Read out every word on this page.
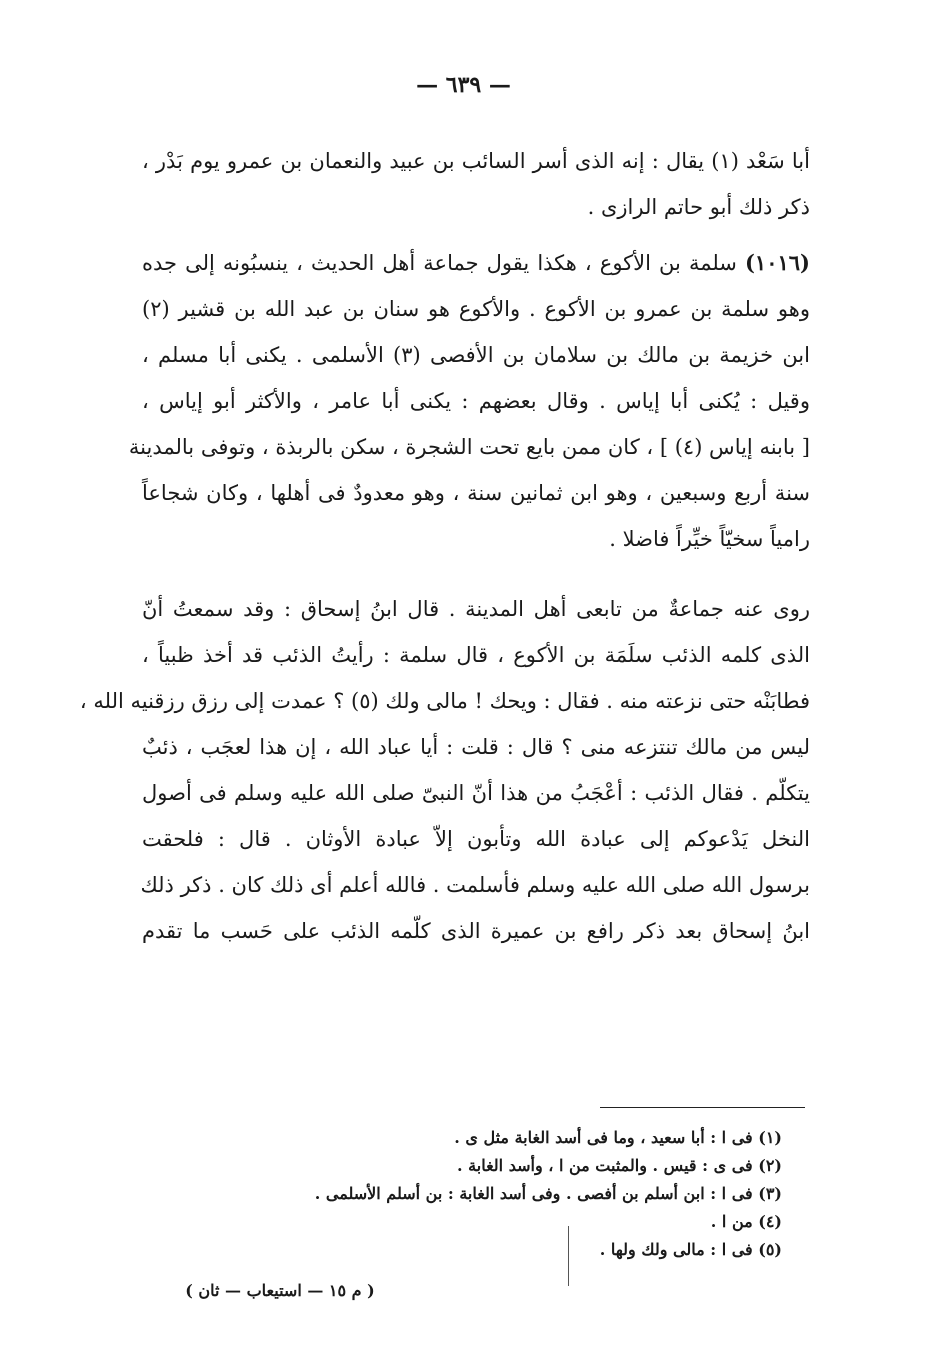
— ٦٣٩ —
أبا سَعْد (١) يقال : إنه الذى أسر السائب بن عبيد والنعمان بن عمرو يوم بَدْر ،
ذكر ذلك أبو حاتم الرازى .
(١٠١٦) سلمة بن الأكوع ، هكذا يقول جماعة أهل الحديث ، ينسبُونه إلى جده
وهو سلمة بن عمرو بن الأكوع . والأكوع هو سنان بن عبد الله بن قشير (٢)
ابن خزيمة بن مالك بن سلامان بن الأفصى (٣) الأسلمى . يكنى أبا مسلم ،
وقيل : يُكنى أبا إياس . وقال بعضهم : يكنى أبا عامر ، والأكثر أبو إياس ،
[ بابنه إياس (٤) ] ، كان ممن بايع تحت الشجرة ، سكن بالربذة ، وتوفى بالمدينة
سنة أربع وسبعين ، وهو ابن ثمانين سنة ، وهو معدودٌ فى أهلها ، وكان شجاعاً
رامياً سخيّاً خيِّراً فاضلا .
روى عنه جماعةٌ من تابعى أهل المدينة . قال ابنُ إسحاق : وقد سمعتُ أنّ
الذى كلمه الذئب سلَمَة بن الأكوع ، قال سلمة : رأيتُ الذئب قد أخذ ظبياً ،
فطابَنْه حتى نزعته منه . فقال : ويحك ! مالى ولك (٥) ؟ عمدت إلى رزق رزقنيه الله ،
ليس من مالك تنتزعه منى ؟ قال : قلت : أيا عباد الله ، إن هذا لعجَب ، ذئبٌ
يتكلّم . فقال الذئب : أعْجَبُ من هذا أنّ النبىّ صلى الله عليه وسلم فى أصول
النخل يَدْعوكم إلى عبادة الله وتأبون إلاّ عبادة الأوثان . قال : فلحقت
برسول الله صلى الله عليه وسلم فأسلمت . فالله أعلم أى ذلك كان . ذكر ذلك
ابنُ إسحاق بعد ذكر رافع بن عميرة الذى كلّمه الذئب على حَسب ما تقدم
(١) فى ا : أبا سعيد ، وما فى أسد الغابة مثل ى .
(٢) فى ى : قيس . والمثبت من ا ، وأسد الغابة .
(٣) فى ا : ابن أسلم بن أفصى . وفى أسد الغابة : بن أسلم الأسلمى .
(٤) من ا .
(٥) فى ا : مالى ولك ولها .
( م ١٥ — استيعاب — ثان )
